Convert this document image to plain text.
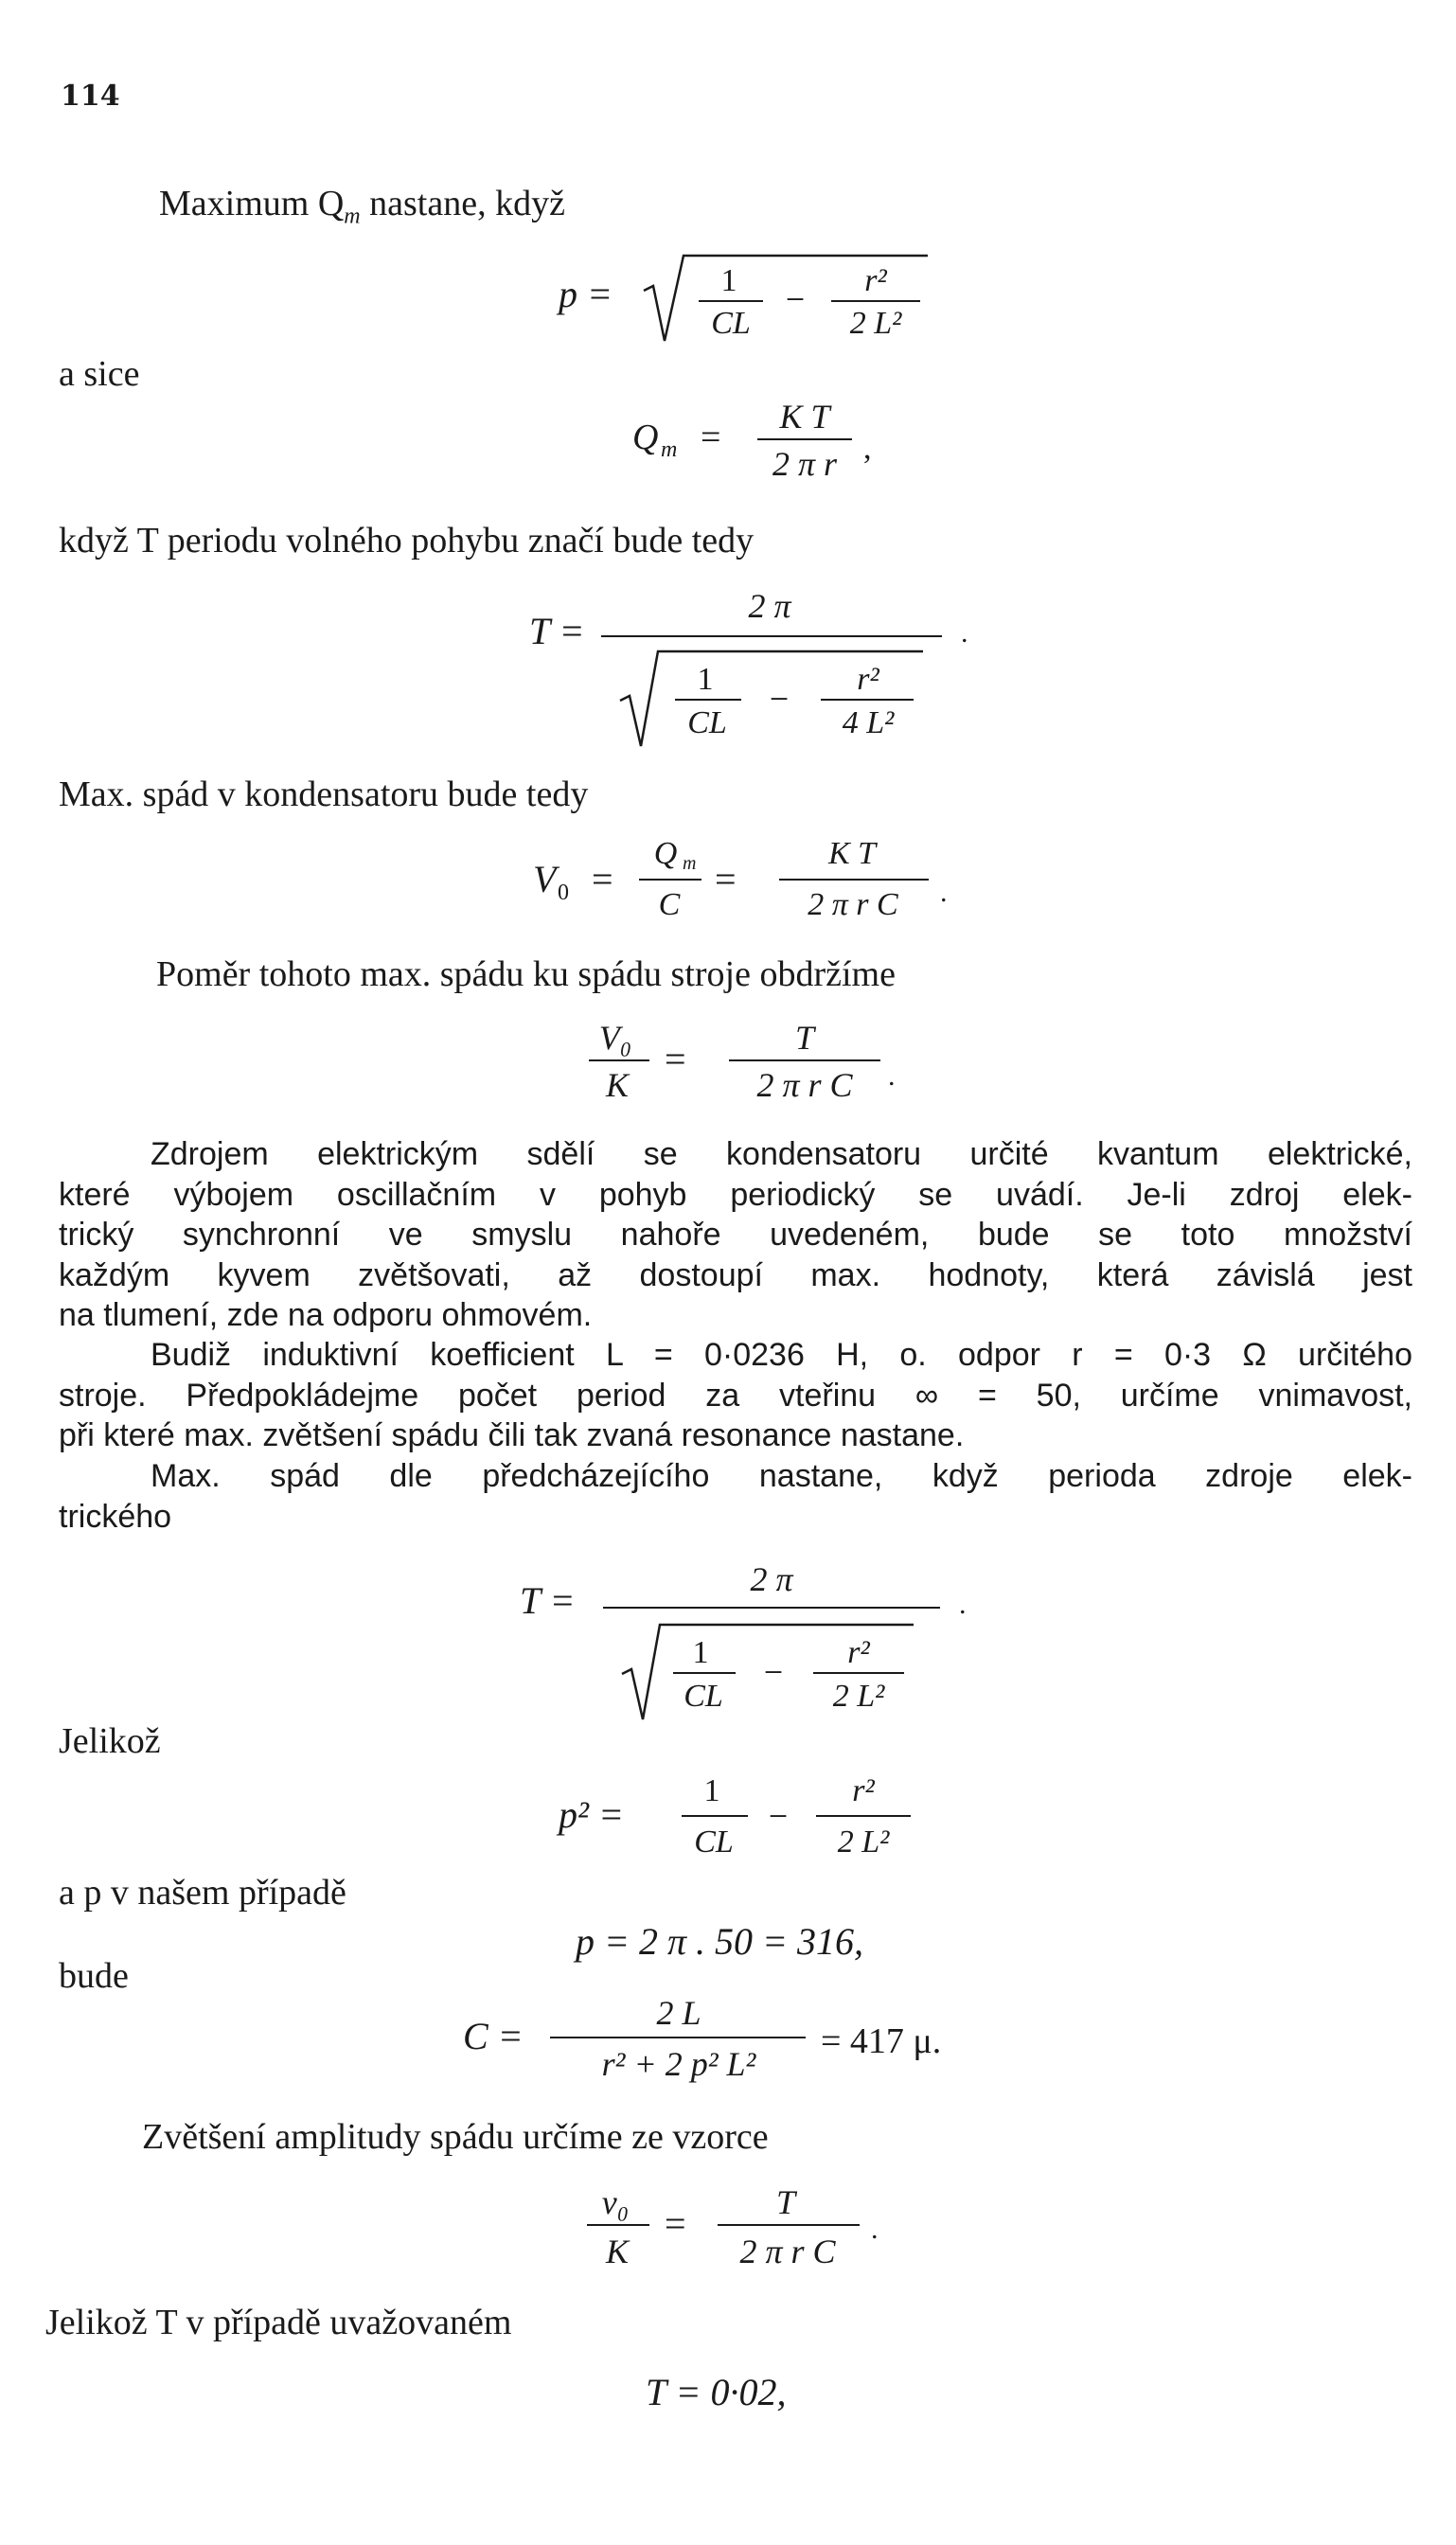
114
Maximum $Q_m$ nastane, když
p =	1
CL
− r²
2 L²
a sice
Q m =
K T
2 π r ,
když T periodu volného pohybu značí bude tedy
T =
2 π
.
1
CL
−
r²
4 L²
Max. spád v kondensatoru bude tedy
V 0 =
Q m
C
=
K T
2 π r C .
Poměr tohoto max. spádu ku spádu stroje obdržíme
V₀
K
=	T
2 π r C .
Zdrojem elektrickým sdělí se kondensatoru určité kvantum elektrické,
které výbojem oscillačním v pohyb periodický se uvádí. Je-li zdroj elek-
trický synchronní ve smyslu nahoře uvedeném, bude se toto množství
každým kyvem zvětšovati, až dostoupí max. hodnoty, která závislá jest
na tlumení, zde na odporu ohmovém.
Budiž induktivní koefficient L = 0·0236 H, o. odpor r = 0·3 Ω určitého
stroje. Předpokládejme počet period za vteřinu ∞ = 50, určíme vnimavost,
při které max. zvětšení spádu čili tak zvaná resonance nastane.
Max. spád dle předcházejícího nastane, když perioda zdroje elek-
trického
T =	2 π
.
1
CL
−
r²
2 L²
Jelikož
p² =
1
CL
−
r²
2 L²
a p v našem případě
p = 2 π . 50 = 316,
bude
C =
2 L
r² + 2 p² L²
= 417 μ.
Zvětšení amplitudy spádu určíme ze vzorce
v₀
K
=	T
2 π r C
.
Jelikož T v případě uvažovaném
T = 0·02,
